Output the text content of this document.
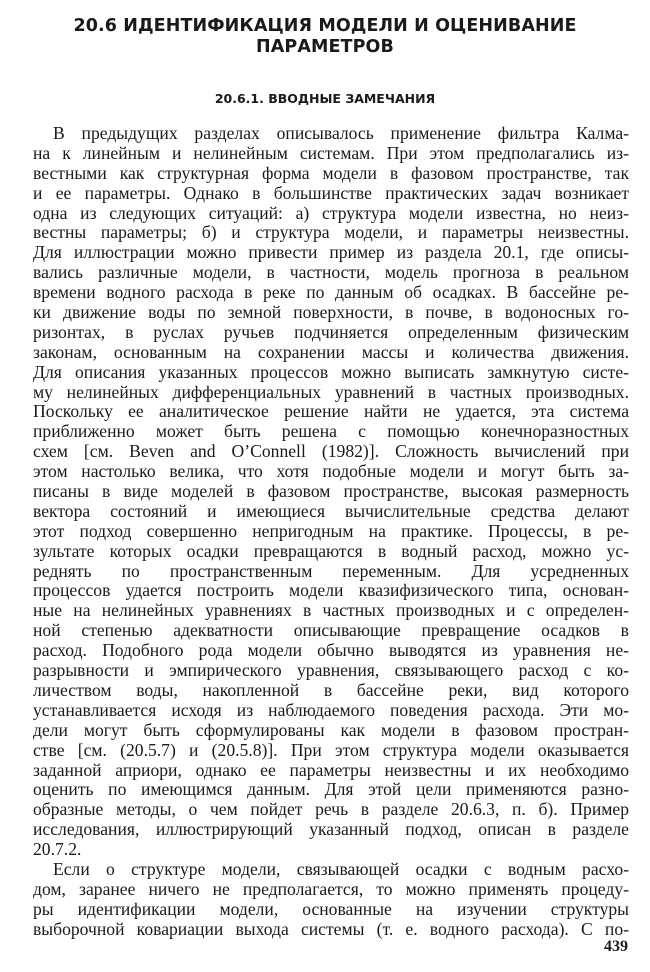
20.6 ИДЕНТИФИКАЦИЯ МОДЕЛИ И ОЦЕНИВАНИЕ
ПАРАМЕТРОВ
20.6.1. ВВОДНЫЕ ЗАМЕЧАНИЯ
В предыдущих разделах описывалось применение фильтра Калма-
на к линейным и нелинейным системам. При этом предполагались из-
вестными как структурная форма модели в фазовом пространстве, так
и ее параметры. Однако в большинстве практических задач возникает
одна из следующих ситуаций: а) структура модели известна, но неиз-
вестны параметры; б) и структура модели, и параметры неизвестны.
Для иллюстрации можно привести пример из раздела 20.1, где описы-
вались различные модели, в частности, модель прогноза в реальном
времени водного расхода в реке по данным об осадках. В бассейне ре-
ки движение воды по земной поверхности, в почве, в водоносных го-
ризонтах, в руслах ручьев подчиняется определенным физическим
законам, основанным на сохранении массы и количества движения.
Для описания указанных процессов можно выписать замкнутую систе-
му нелинейных дифференциальных уравнений в частных производных.
Поскольку ее аналитическое решение найти не удается, эта система
приближенно может быть решена с помощью конечноразностных
схем [см. Beven and O’Connell (1982)]. Сложность вычислений при
этом настолько велика, что хотя подобные модели и могут быть за-
писаны в виде моделей в фазовом пространстве, высокая размерность
вектора состояний и имеющиеся вычислительные средства делают
этот подход совершенно непригодным на практике. Процессы, в ре-
зультате которых осадки превращаются в водный расход, можно ус-
реднять по пространственным переменным. Для усредненных
процессов удается построить модели квазифизического типа, основан-
ные на нелинейных уравнениях в частных производных и с определен-
ной степенью адекватности описывающие превращение осадков в
расход. Подобного рода модели обычно выводятся из уравнения не-
разрывности и эмпирического уравнения, связывающего расход с ко-
личеством воды, накопленной в бассейне реки, вид которого
устанавливается исходя из наблюдаемого поведения расхода. Эти мо-
дели могут быть сформулированы как модели в фазовом простран-
стве [см. (20.5.7) и (20.5.8)]. При этом структура модели оказывается
заданной априори, однако ее параметры неизвестны и их необходимо
оценить по имеющимся данным. Для этой цели применяются разно-
образные методы, о чем пойдет речь в разделе 20.6.3, п. б). Пример
исследования, иллюстрирующий указанный подход, описан в разделе
20.7.2.
Если о структуре модели, связывающей осадки с водным расхо-
дом, заранее ничего не предполагается, то можно применять процеду-
ры идентификации модели, основанные на изучении структуры
выборочной ковариации выхода системы (т. е. водного расхода). С по-
439
